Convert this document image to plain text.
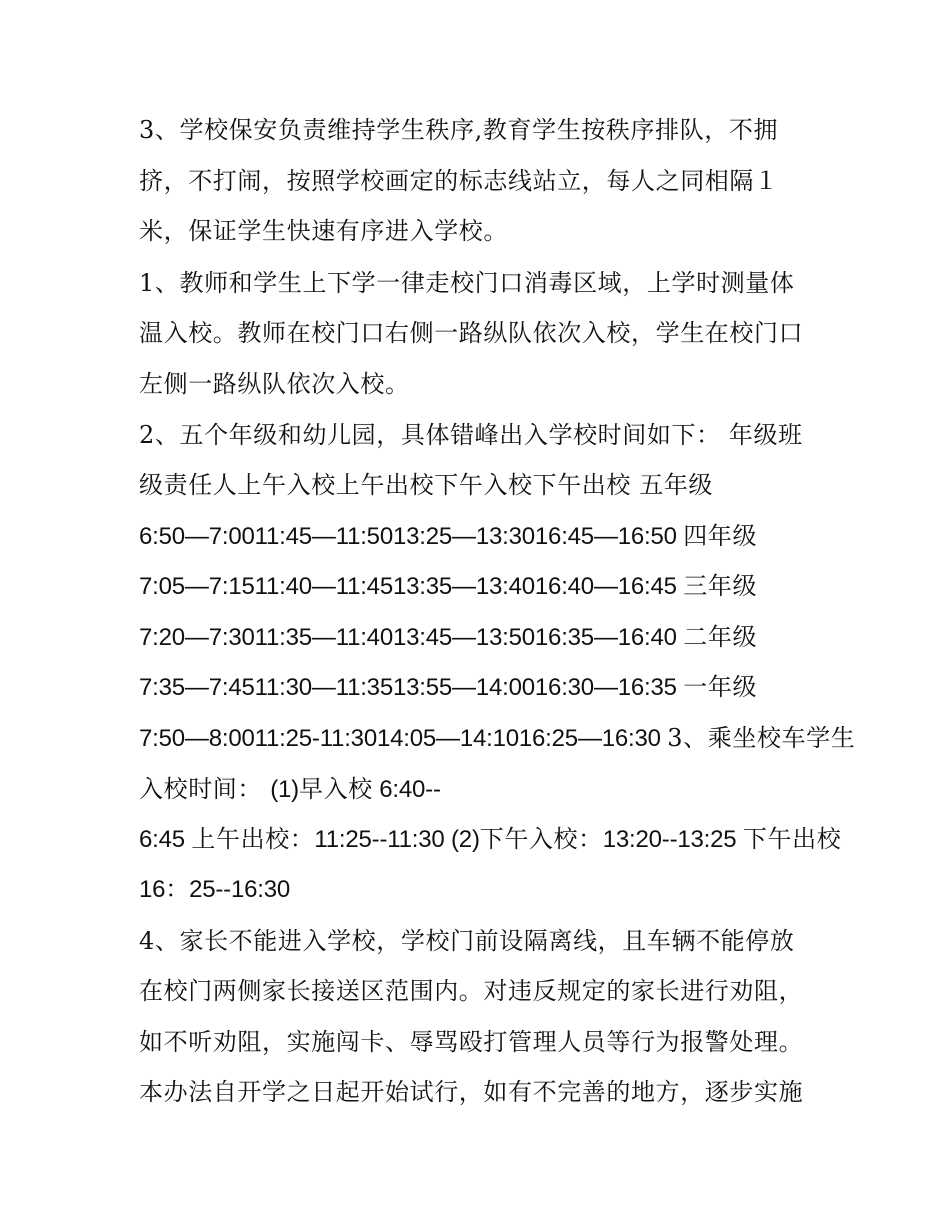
3、学校保安负责维持学生秩序,教育学生按秩序排队，不拥
挤，不打闹，按照学校画定的标志线站立，每人之同相隔１
米，保证学生快速有序进入学校。
1、教师和学生上下学一律走校门口消毒区域，上学时测量体
温入校。教师在校门口右侧一路纵队依次入校，学生在校门口
左侧一路纵队依次入校。
2、五个年级和幼儿园，具体错峰出入学校时间如下： 年级班
级责任人上午入校上午出校下午入校下午出校 五年级
6:50—7:0011:45—11:5013:25—13:3016:45—16:50 四年级
7:05—7:1511:40—11:4513:35—13:4016:40—16:45 三年级
7:20—7:3011:35—11:4013:45—13:5016:35—16:40 二年级
7:35—7:4511:30—11:3513:55—14:0016:30—16:35 一年级
7:50—8:0011:25-11:3014:05—14:1016:25—16:30 3、乘坐校车学生
入校时间： (1)早入校 6:40--
6:45 上午出校：11:25--11:30 (2)下午入校：13:20--13:25 下午出校
16：25--16:30
4、家长不能进入学校，学校门前设隔离线，且车辆不能停放
在校门两侧家长接送区范围内。对违反规定的家长进行劝阻，
如不听劝阻，实施闯卡、辱骂殴打管理人员等行为报警处理。
本办法自开学之日起开始试行，如有不完善的地方，逐步实施
